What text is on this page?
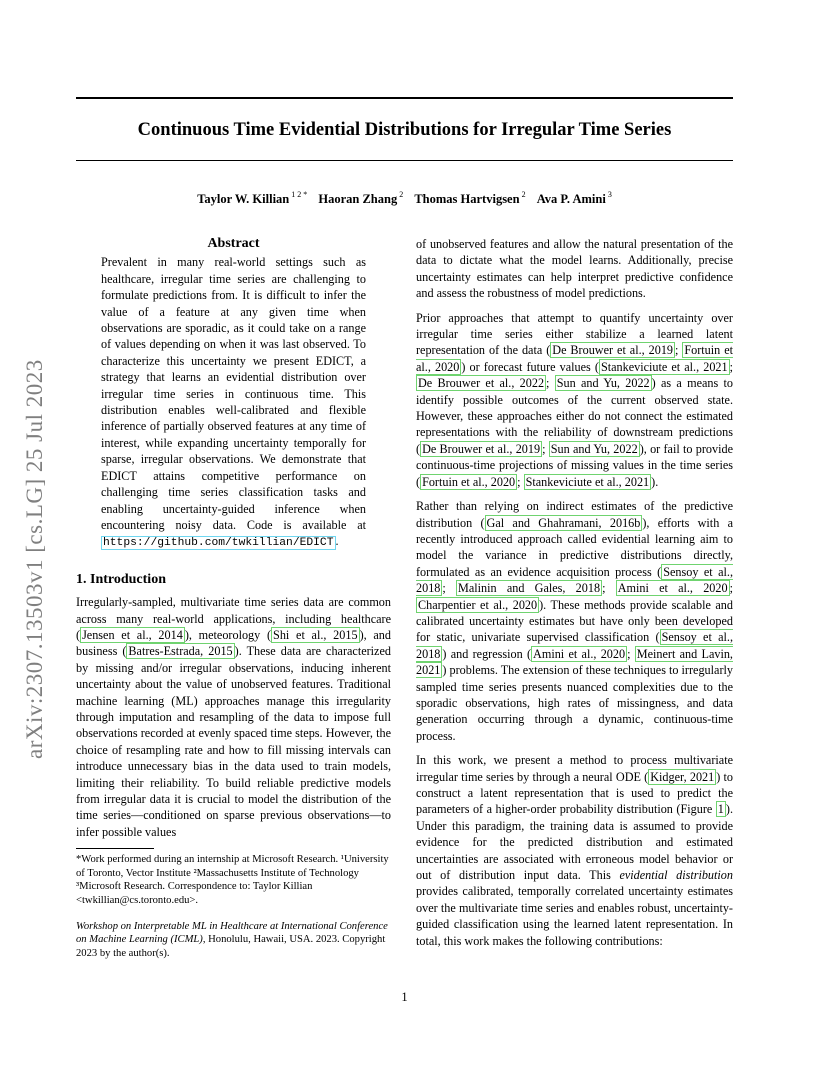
Continuous Time Evidential Distributions for Irregular Time Series
Taylor W. Killian $^{1 2 *}$ Haoran Zhang $^2$ Thomas Hartvigsen $^2$ Ava P. Amini $^3$
arXiv:2307.13503v1 [cs.LG] 25 Jul 2023
Abstract
Prevalent in many real-world settings such as healthcare, irregular time series are challenging to formulate predictions from. It is difficult to infer the value of a feature at any given time when observations are sporadic, as it could take on a range of values depending on when it was last observed. To characterize this uncertainty we present EDICT, a strategy that learns an evidential distribution over irregular time series in continuous time. This distribution enables well-calibrated and flexible inference of partially observed features at any time of interest, while expanding uncertainty temporally for sparse, irregular observations. We demonstrate that EDICT attains competitive performance on challenging time series classification tasks and enabling uncertainty-guided inference when encountering noisy data. Code is available at https://github.com/twkillian/EDICT .
1. Introduction

Irregularly-sampled, multivariate time series data are common across many real-world applications, including healthcare ( Jensen et al., 2014 ), meteorology ( Shi et al., 2015 ), and business ( Batres-Estrada, 2015 ). These data are characterized by missing and/or irregular observations, inducing inherent uncertainty about the value of unobserved features. Traditional machine learning (ML) approaches manage this irregularity through imputation and resampling of the data to impose full observations recorded at evenly spaced time steps. However, the choice of resampling rate and how to fill missing intervals can introduce unnecessary bias in the data used to train models, limiting their reliability. To build reliable predictive models from irregular data it is crucial to model the distribution of the time series—conditioned on sparse previous observations—to infer possible values

*Work performed during an internship at Microsoft Research. ¹University of Toronto, Vector Institute ²Massachusetts Institute of Technology ³Microsoft Research. Correspondence to: Taylor Killian <twkillian@cs.toronto.edu>.
Workshop on Interpretable ML in Healthcare at International Conference on Machine Learning (ICML), Honolulu, Hawaii, USA. 2023. Copyright 2023 by the author(s).

of unobserved features and allow the natural presentation of the data to dictate what the model learns. Additionally, precise uncertainty estimates can help interpret predictive confidence and assess the robustness of model predictions.

Prior approaches that attempt to quantify uncertainty over irregular time series either stabilize a learned latent representation of the data ( De Brouwer et al., 2019 ; Fortuin et al., 2020 ) or forecast future values ( Stankeviciute et al., 2021 ; De Brouwer et al., 2022 ; Sun and Yu, 2022 ) as a means to identify possible outcomes of the current observed state. However, these approaches either do not connect the estimated representations with the reliability of downstream predictions ( De Brouwer et al., 2019 ; Sun and Yu, 2022 ), or fail to provide continuous-time projections of missing values in the time series ( Fortuin et al., 2020 ; Stankeviciute et al., 2021 ).

Rather than relying on indirect estimates of the predictive distribution ( Gal and Ghahramani, 2016b ), efforts with a recently introduced approach called evidential learning aim to model the variance in predictive distributions directly, formulated as an evidence acquisition process ( Sensoy et al., 2018 ; Malinin and Gales, 2018 ; Amini et al., 2020 ; Charpentier et al., 2020 ). These methods provide scalable and calibrated uncertainty estimates but have only been developed for static, univariate supervised classification ( Sensoy et al., 2018 ) and regression ( Amini et al., 2020 ; Meinert and Lavin, 2021 ) problems. The extension of these techniques to irregularly sampled time series presents nuanced complexities due to the sporadic observations, high rates of missingness, and data generation occurring through a dynamic, continuous-time process.

In this work, we present a method to process multivariate irregular time series by through a neural ODE ( Kidger, 2021 ) to construct a latent representation that is used to predict the parameters of a higher-order probability distribution (Figure 1 ). Under this paradigm, the training data is assumed to provide evidence for the predicted distribution and estimated uncertainties are associated with erroneous model behavior or out of distribution input data. This evidential distribution provides calibrated, temporally correlated uncertainty estimates over the multivariate time series and enables robust, uncertainty-guided classification using the learned latent representation. In total, this work makes the following contributions:

1
